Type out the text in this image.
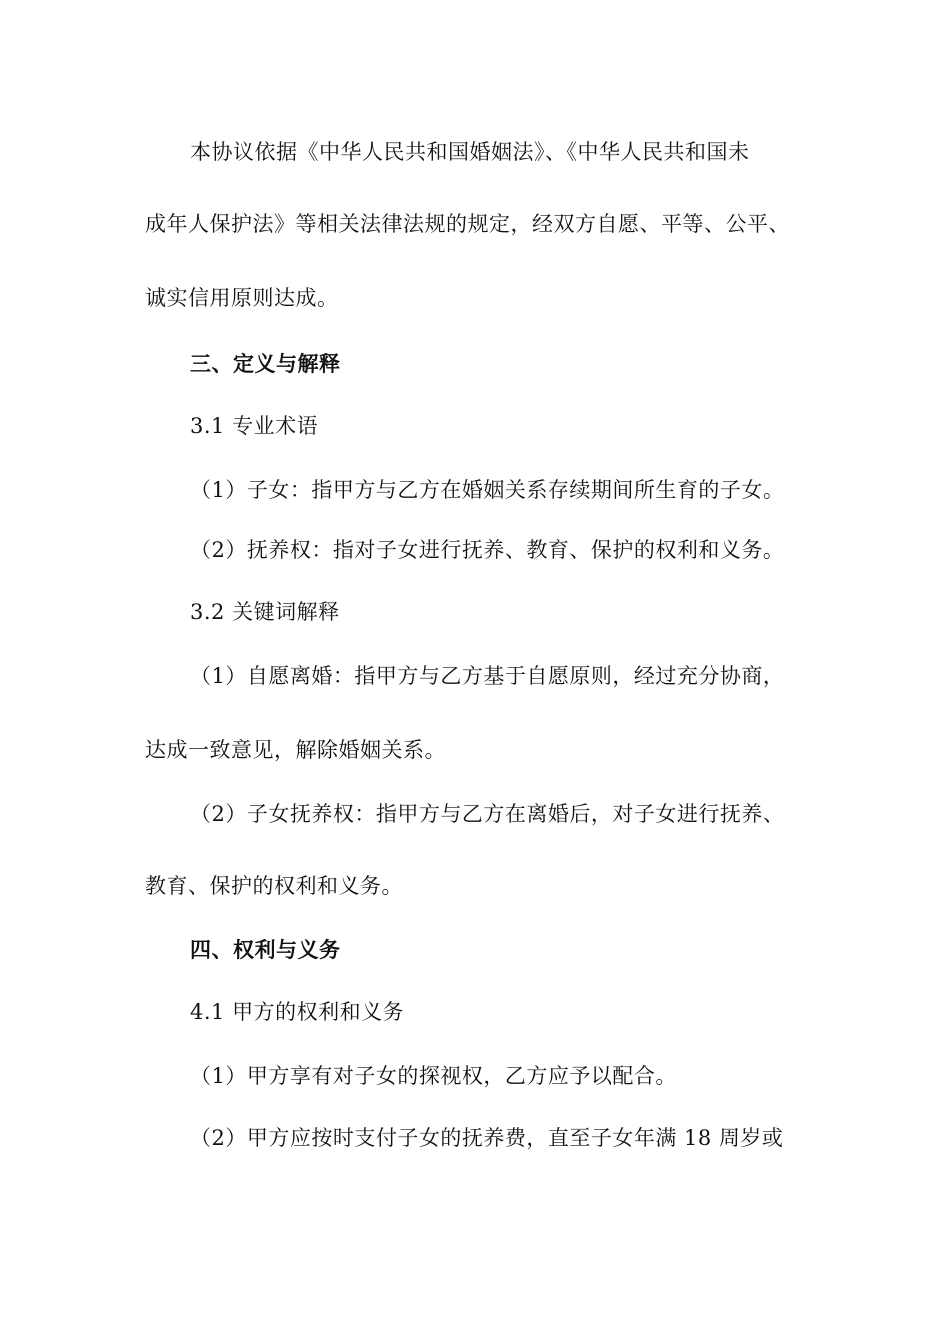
本协议依据《中华人民共和国婚姻法》、《中华人民共和国未
成年人保护法》等相关法律法规的规定，经双方自愿、平等、公平、
诚实信用原则达成。
三、定义与解释
3.1 专业术语
（1）子女：指甲方与乙方在婚姻关系存续期间所生育的子女。
（2）抚养权：指对子女进行抚养、教育、保护的权利和义务。
3.2 关键词解释
（1）自愿离婚：指甲方与乙方基于自愿原则，经过充分协商，
达成一致意见，解除婚姻关系。
（2）子女抚养权：指甲方与乙方在离婚后，对子女进行抚养、
教育、保护的权利和义务。
四、权利与义务
4.1 甲方的权利和义务
（1）甲方享有对子女的探视权，乙方应予以配合。
（2）甲方应按时支付子女的抚养费，直至子女年满 18 周岁或
